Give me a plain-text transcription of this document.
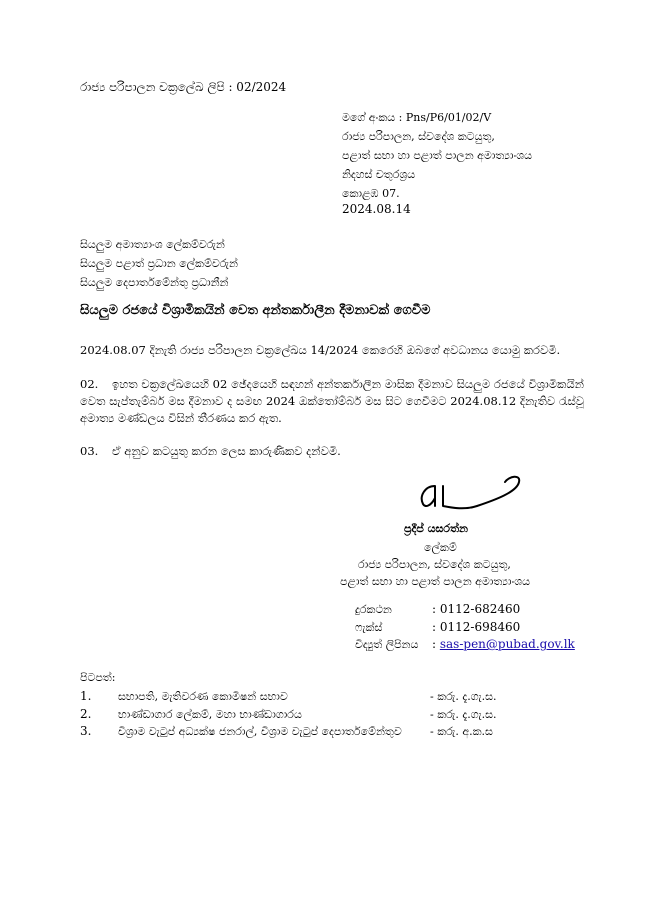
රාජ්‍ය පරිපාලන චක්‍රලේඛ ලිපි : 02/2024
මගේ අංකය : Pns/P6/01/02/V
රාජ්‍ය පරිපාලන, ස්වදේශ කටයුතු,
පළාත් සභා හා පළාත් පාලන අමාත්‍යාංශය
නිදහස් චතුරශ්‍රය
කොළඹ 07.
2024.08.14
සියලුම අමාත්‍යාංශ ලේකම්වරුන්
සියලුම පළාත් ප්‍රධාන ලේකම්වරුන්
සියලුම දෙපාර්තමේන්තු ප්‍රධානීන්
සියලුම රජයේ විශ්‍රාමිකයින් වෙත අන්තර්කාලීන දීමනාවක් ගෙවීම
2024.08.07 දිනැති රාජ්‍ය පරිපාලන චක්‍රලේඛය 14/2024 කෙරෙහි ඔබගේ අවධානය යොමු කරවමි.
02. ඉහත චක්‍රලේඛයෙහි 02 ඡේදයෙහි සඳහන් අන්තර්කාලීන මාසික දීමනාව සියලුම රජයේ විශ්‍රාමිකයින් වෙත සැප්තැම්බර් මස දීමනාව ද සමඟ 2024 ඔක්තෝම්බර් මස සිට ගෙවීමට 2024.08.12 දිනැතිව රැස්වූ අමාත්‍ය මණ්ඩලය විසින් තීරණය කර ඇත.
03. ඒ අනුව කටයුතු කරන ලෙස කාරුණිකව දන්වමි.
ප්‍රදීප් යසරත්න
ලේකම්
රාජ්‍ය පරිපාලන, ස්වදේශ කටයුතු,
පළාත් සභා හා පළාත් පාලන අමාත්‍යාංශය
දුරකථන	: 0112-682460
ෆැක්ස්	: 0112-698460
විද්‍යුත් ලිපිනය : sas-pen@pubad.gov.lk
පිටපත්:
1. සභාපති, මැතිවරණ කොමිෂන් සභාව	- කරු. දැ.ගැ.ස.
2. භාණ්ඩාගාර ලේකම්, මහා භාණ්ඩාගාරය	- කරු. දැ.ගැ.ස.
3. විශ්‍රාම වැටුප් අධ්‍යක්ෂ ජනරාල්, විශ්‍රාම වැටුප් දෙපාර්තමේන්තුව	- කරු. අ.ක.ස
